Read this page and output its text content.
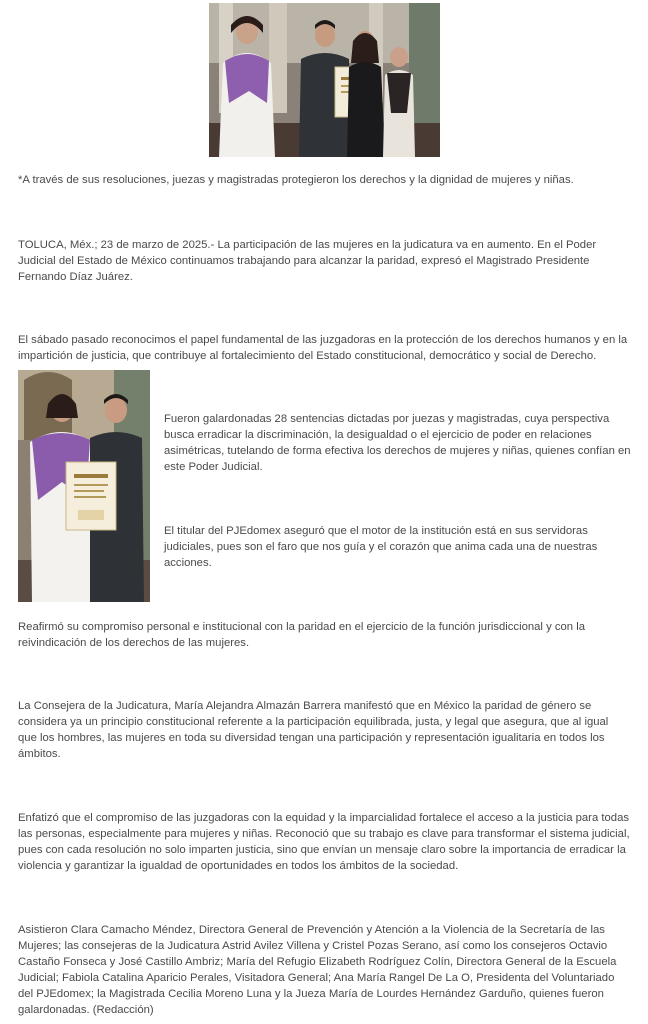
*A través de sus resoluciones, juezas y magistradas protegieron los derechos y la dignidad de mujeres y niñas.

TOLUCA, Méx.; 23 de marzo de 2025.- La participación de las mujeres en la judicatura va en aumento. En el Poder Judicial del Estado de México continuamos trabajando para alcanzar la paridad, expresó el Magistrado Presidente Fernando Díaz Juárez.

El sábado pasado reconocimos el papel fundamental de las juzgadoras en la protección de los derechos humanos y en la impartición de justicia, que contribuye al fortalecimiento del Estado constitucional, democrático y social de Derecho.

Fueron galardonadas 28 sentencias dictadas por juezas y magistradas, cuya perspectiva busca erradicar la discriminación, la desigualdad o el ejercicio de poder en relaciones asimétricas, tutelando de forma efectiva los derechos de mujeres y niñas, quienes confían en este Poder Judicial.

El titular del PJEdomex aseguró que el motor de la institución está en sus servidoras judiciales, pues son el faro que nos guía y el corazón que anima cada una de nuestras acciones.

Reafirmó su compromiso personal e institucional con la paridad en el ejercicio de la función jurisdiccional y con la reivindicación de los derechos de las mujeres.

La Consejera de la Judicatura, María Alejandra Almazán Barrera manifestó que en México la paridad de género se considera ya un principio constitucional referente a la participación equilibrada, justa, y legal que asegura, que al igual que los hombres, las mujeres en toda su diversidad tengan una participación y representación igualitaria en todos los ámbitos.

Enfatizó que el compromiso de las juzgadoras con la equidad y la imparcialidad fortalece el acceso a la justicia para todas las personas, especialmente para mujeres y niñas. Reconoció que su trabajo es clave para transformar el sistema judicial, pues con cada resolución no solo imparten justicia, sino que envían un mensaje claro sobre la importancia de erradicar la violencia y garantizar la igualdad de oportunidades en todos los ámbitos de la sociedad.

Asistieron Clara Camacho Méndez, Directora General de Prevención y Atención a la Violencia de la Secretaría de las Mujeres; las consejeras de la Judicatura Astrid Avilez Villena y Cristel Pozas Serano, así como los consejeros Octavio Castaño Fonseca y José Castillo Ambriz; María del Refugio Elizabeth Rodríguez Colín, Directora General de la Escuela Judicial; Fabiola Catalina Aparicio Perales, Visitadora General; Ana María Rangel De La O, Presidenta del Voluntariado del PJEdomex; la Magistrada Cecilia Moreno Luna y la Jueza María de Lourdes Hernández Garduño, quienes fueron galardonadas. (Redacción)
